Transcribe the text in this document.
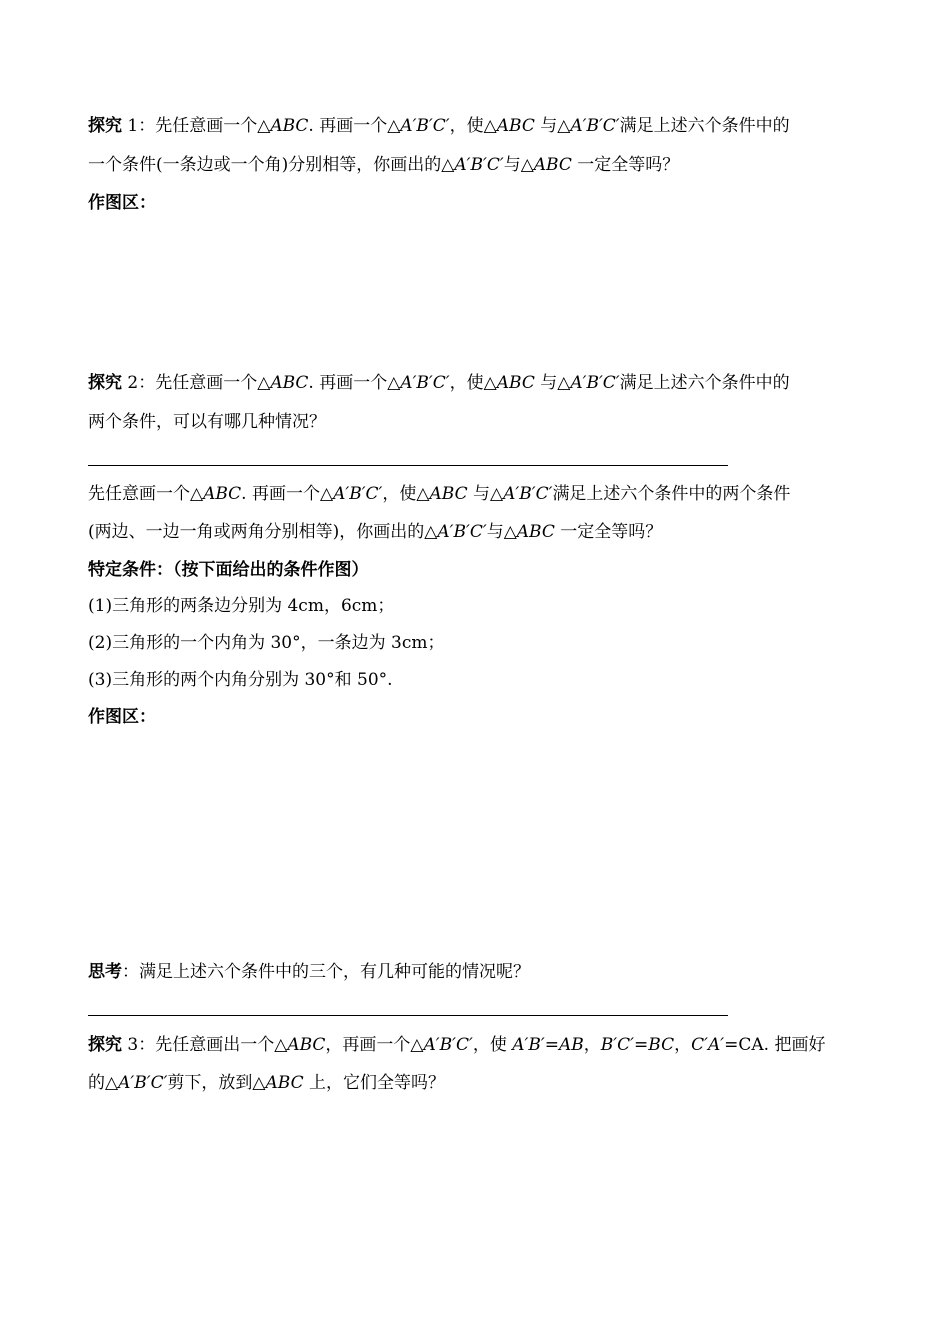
探究 1：先任意画一个△ABC. 再画一个△A′B′C′，使△ABC 与△A′B′C′满足上述六个条件中的
一个条件(一条边或一个角)分别相等，你画出的△A′B′C′与△ABC 一定全等吗？
作图区：
探究 2：先任意画一个△ABC. 再画一个△A′B′C′，使△ABC 与△A′B′C′满足上述六个条件中的
两个条件，可以有哪几种情况？
先任意画一个△ABC. 再画一个△A′B′C′，使△ABC 与△A′B′C′满足上述六个条件中的两个条件
(两边、一边一角或两角分别相等)，你画出的△A′B′C′与△ABC 一定全等吗？
特定条件：（按下面给出的条件作图）
(1)三角形的两条边分别为 4cm，6cm；
(2)三角形的一个内角为 30°，一条边为 3cm；
(3)三角形的两个内角分别为 30°和 50°.
作图区：
思考：满足上述六个条件中的三个，有几种可能的情况呢？
探究 3：先任意画出一个△ABC，再画一个△A′B′C′，使 A′B′=AB，B′C′=BC，C′A′=CA. 把画好
的△A′B′C′剪下，放到△ABC 上，它们全等吗？
